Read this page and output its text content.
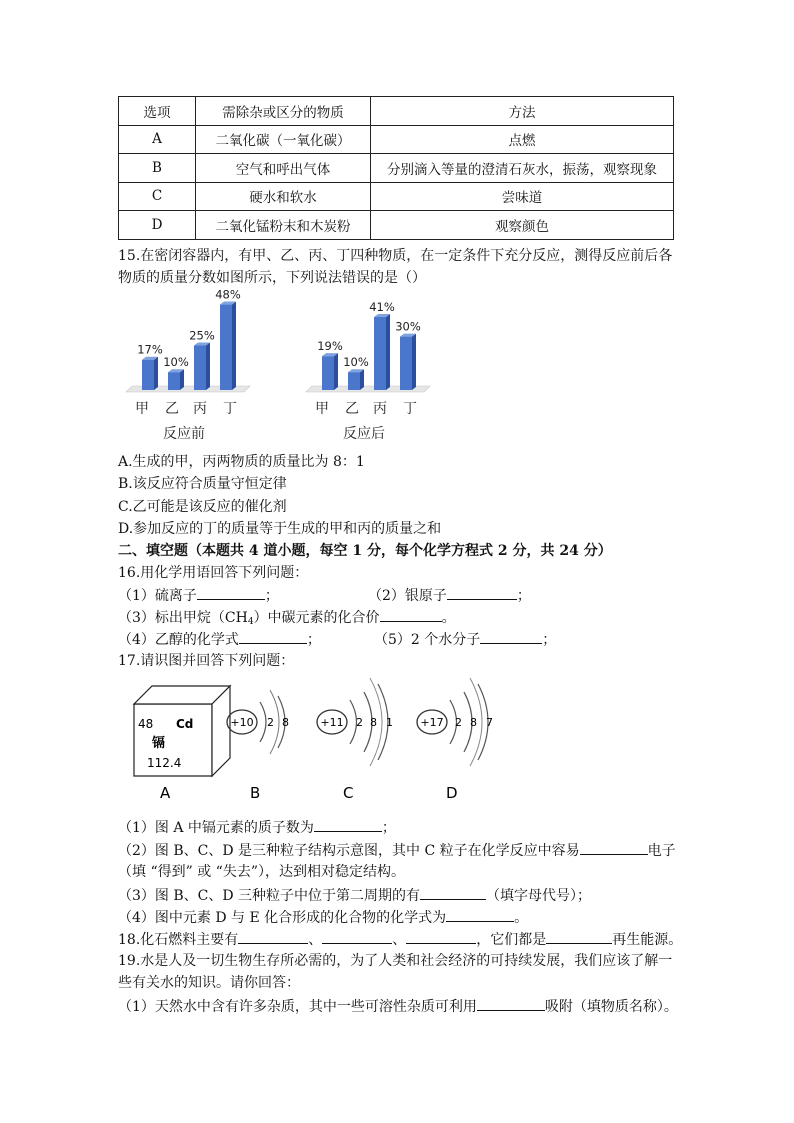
选项	需除杂或区分的物质	方法
A	二氧化碳（一氧化碳）	点燃
B	空气和呼出气体	分别滴入等量的澄清石灰水，振荡，观察现象
C	硬水和软水	尝味道
D	二氧化锰粉末和木炭粉	观察颜色
15.在密闭容器内，有甲、乙、丙、丁四种物质，在一定条件下充分反应，测得反应前后各
物质的质量分数如图所示，下列说法错误的是（）
17%
甲
10%
乙
25%
丙
48%
丁
反应前
19%
甲
10%
乙
41%
丙
30%
丁
反应后
A.生成的甲，丙两物质的质量比为 8：1
B.该反应符合质量守恒定律
C.乙可能是该反应的催化剂
D.参加反应的丁的质量等于生成的甲和丙的质量之和
二、填空题（本题共 4 道小题，每空 1 分，每个化学方程式 2 分，共 24 分）
16.用化学用语回答下列问题：
（1）硫离子	；	（2）银原子	；
（3）标出甲烷$(CH_4)$中碳元素的化合价	。
（4）乙醇的化学式	；	（5）2 个水分子	；
17.请识图并回答下列问题：
48 Cd
镉
112.4
+10 2 8	+11 2 8 1 +17 2 8 7
A	B	C	D
（1）图 A 中镉元素的质子数为	；
（2）图 B、C、D 是三种粒子结构示意图，其中 C 粒子在化学反应中容易	电子
（填 “得到” 或 “失去”），达到相对稳定结构。
（3）图 B、C、D 三种粒子中位于第二周期的有	（填字母代号）；
（4）图中元素 D 与 E 化合形成的化合物的化学式为	。
18.化石燃料主要有	、	、	，它们都是	再生能源。
19.水是人及一切生物生存所必需的，为了人类和社会经济的可持续发展，我们应该了解一
些有关水的知识。请你回答：
（1）天然水中含有许多杂质，其中一些可溶性杂质可利用	吸附（填物质名称）。
